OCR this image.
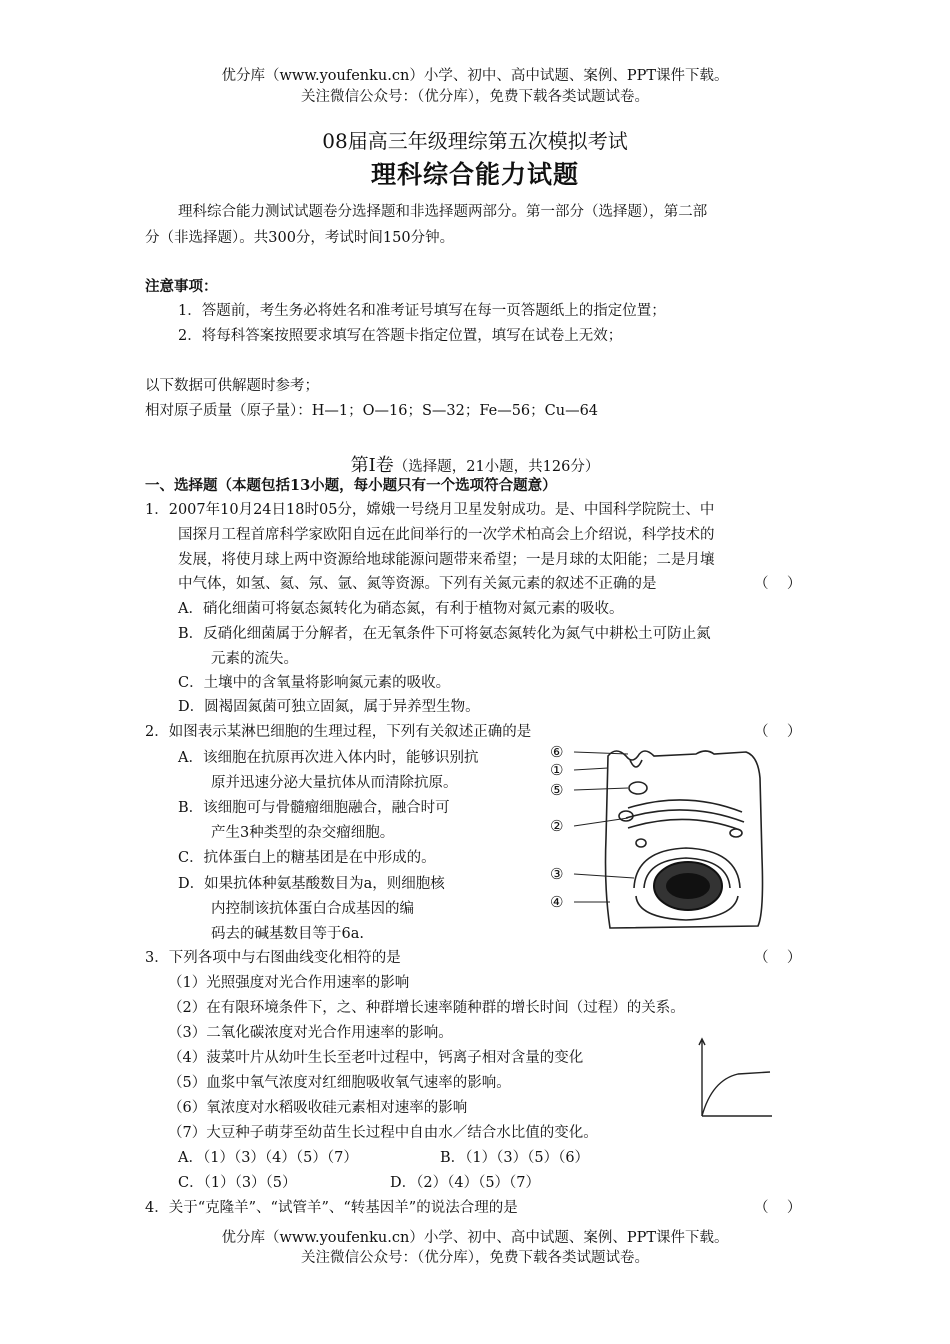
优分库（www.youfenku.cn）小学、初中、高中试题、案例、PPT课件下载。
关注微信公众号：（优分库），免费下载各类试题试卷。
08届高三年级理综第五次模拟考试
理科综合能力试题
理科综合能力测试试题卷分选择题和非选择题两部分。第一部分（选择题），第二部
分（非选择题）。共300分，考试时间150分钟。
注意事项：
1．答题前，考生务必将姓名和准考证号填写在每一页答题纸上的指定位置；
2．将每科答案按照要求填写在答题卡指定位置，填写在试卷上无效；
以下数据可供解题时参考；
相对原子质量（原子量）：H—1；O—16；S—32；Fe—56；Cu—64
第Ⅰ卷（选择题，21小题，共126分）
一、选择题（本题包括13小题，每小题只有一个选项符合题意）
1．2007年10月24日18时05分，嫦娥一号绕月卫星发射成功。是、中国科学院院士、中
国探月工程首席科学家欧阳自远在此间举行的一次学术柏高会上介绍说，科学技术的
发展，将使月球上两中资源给地球能源问题带来希望；一是月球的太阳能；二是月壤
中气体，如氢、氦、氖、氩、氮等资源。下列有关氮元素的叙述不正确的是	（    ）
A．硝化细菌可将氨态氮转化为硝态氮，有利于植物对氮元素的吸收。
B．反硝化细菌属于分解者，在无氧条件下可将氨态氮转化为氮气中耕松土可防止氮
元素的流失。
C．土壤中的含氧量将影响氮元素的吸收。
D．圆褐固氮菌可独立固氮，属于异养型生物。
2．如图表示某淋巴细胞的生理过程，下列有关叙述正确的是	（    ）
A．该细胞在抗原再次进入体内时，能够识别抗
原并迅速分泌大量抗体从而清除抗原。
B．该细胞可与骨髓瘤细胞融合，融合时可
产生3种类型的杂交瘤细胞。
C．抗体蛋白上的糖基团是在中形成的。
D．如果抗体种氨基酸数目为a，则细胞核
内控制该抗体蛋白合成基因的编
码去的碱基数目等于6a.
⑥
①
⑤
②
③
④
3．下列各项中与右图曲线变化相符的是	（    ）
（1）光照强度对光合作用速率的影响
（2）在有限环境条件下，之、种群增长速率随种群的增长时间（过程）的关系。
（3）二氧化碳浓度对光合作用速率的影响。
（4）菠菜叶片从幼叶生长至老叶过程中，钙离子相对含量的变化
（5）血浆中氧气浓度对红细胞吸收氧气速率的影响。
（6）氧浓度对水稻吸收硅元素相对速率的影响
（7）大豆种子萌芽至幼苗生长过程中自由水／结合水比值的变化。
A．（1）（3）（4）（5）（7）	B．（1）（3）（5）（6）
C．（1）（3）（5）	D．（2）（4）（5）（7）
4．关于“克隆羊”、“试管羊”、“转基因羊”的说法合理的是	（    ）
优分库（www.youfenku.cn）小学、初中、高中试题、案例、PPT课件下载。
关注微信公众号：（优分库），免费下载各类试题试卷。
